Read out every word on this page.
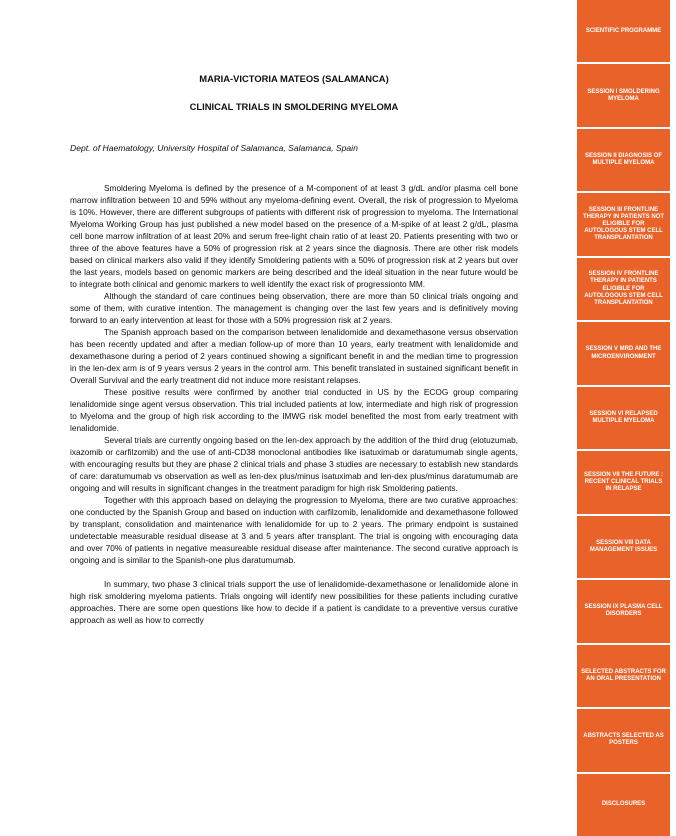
MARIA-VICTORIA MATEOS (SALAMANCA)
CLINICAL TRIALS IN SMOLDERING MYELOMA

Dept. of Haematology, University Hospital of Salamanca, Salamanca, Spain

Smoldering Myeloma is defined by the presence of a M-component of at least 3 g/dL and/or plasma cell bone marrow infiltration between 10 and 59% without any myeloma-defining event. Overall, the risk of progression to Myeloma is 10%. However, there are different subgroups of patients with different risk of progression to myeloma. The International Myeloma Working Group has just published a new model based on the presence of a M-spike of at least 2 g/dL, plasma cell bone marrow infiltration of at least 20% and serum free-light chain ratio of at least 20. Patients presenting with two or three of the above features have a 50% of progression risk at 2 years since the diagnosis. There are other risk models based on clinical markers also valid if they identify Smoldering patients with a 50% of progression risk at 2 years but over the last years, models based on genomic markers are being described and the ideal situation in the near future would be to integrate both clinical and genomic markers to well identify the exact risk of progressionto MM.

Although the standard of care continues being observation, there are more than 50 clinical trials ongoing and some of them, with curative intention. The management is changing over the last few years and is definitively moving forward to an early intervention at least for those with a 50% progression risk at 2 years.

The Spanish approach based on the comparison between lenalidomide and dexamethasone versus observation has been recently updated and after a median follow-up of more than 10 years, early treatment with lenalidomide and dexamethasone during a period of 2 years continued showing a significant benefit in and the median time to progression in the len-dex arm is of 9 years versus 2 years in the control arm. This benefit translated in sustained significant benefit in Overall Survival and the early treatment did not induce more resistant relapses.

These positive results were confirmed by another trial conducted in US by the ECOG group comparing lenalidomide singe agent versus observation. This trial included patients at low, intermediate and high risk of progression to Myeloma and the group of high risk according to the IMWG risk model benefited the most from early treatment with lenalidomide.

Several trials are currently ongoing based on the len-dex approach by the addition of the third drug (elotuzumab, ixazomib or carfilzomib) and the use of anti-CD38 monoclonal antibodies like isatuximab or daratumumab single agents, with encouraging results but they are phase 2 clinical trials and phase 3 studies are necessary to establish new standards of care: daratumumab vs observation as well as len-dex plus/minus isatuximab and len-dex plus/minus daratumumab are ongoing and will results in significant changes in the treatment paradigm for high risk Smoldering patients.

Together with this approach based on delaying the progression to Myeloma, there are two curative approaches: one conducted by the Spanish Group and based on induction with carfilzomib, lenalidomide and dexamethasone followed by transplant, consolidation and maintenance with lenalidomide for up to 2 years. The primary endpoint is sustained undetectable measurable residual disease at 3 and 5 years after transplant. The trial is ongoing with encouraging data and over 70% of patients in negative measureable residual disease after maintenance. The second curative approach is ongoing and is similar to the Spanish-one plus daratumumab.

In summary, two phase 3 clinical trials support the use of lenalidomide-dexamethasone or lenalidomide alone in high risk smoldering myeloma patients. Trials ongoing will identify new possibilities for these patients including curative approaches. There are some open questions like how to decide if a patient is candidate to a preventive versus curative approach as well as how to correctly

SCIENTIFIC PROGRAMME
SESSION I SMOLDERING MYELOMA
SESSION II DIAGNOSIS OF MULTIPLE MYELOMA
SESSION III FRONTLINE THERAPY IN PATIENTS NOT ELIGIBLE FOR AUTOLOGOUS STEM CELL TRANSPLANTATION
SESSION IV FRONTLINE THERAPY IN PATIENTS ELIGIBLE FOR AUTOLOGOUS STEM CELL TRANSPLANTATION
SESSION V MRD AND THE MICROENVIRONMENT
SESSION VI RELAPSED MULTIPLE MYELOMA
SESSION VII THE FUTURE : RECENT CLINICAL TRIALS IN RELAPSE
SESSION VIII DATA MANAGEMENT ISSUES
SESSION IX PLASMA CELL DISORDERS
SELECTED ABSTRACTS FOR AN ORAL PRESENTATION
ABSTRACTS SELECTED AS POSTERS
DISCLOSURES
